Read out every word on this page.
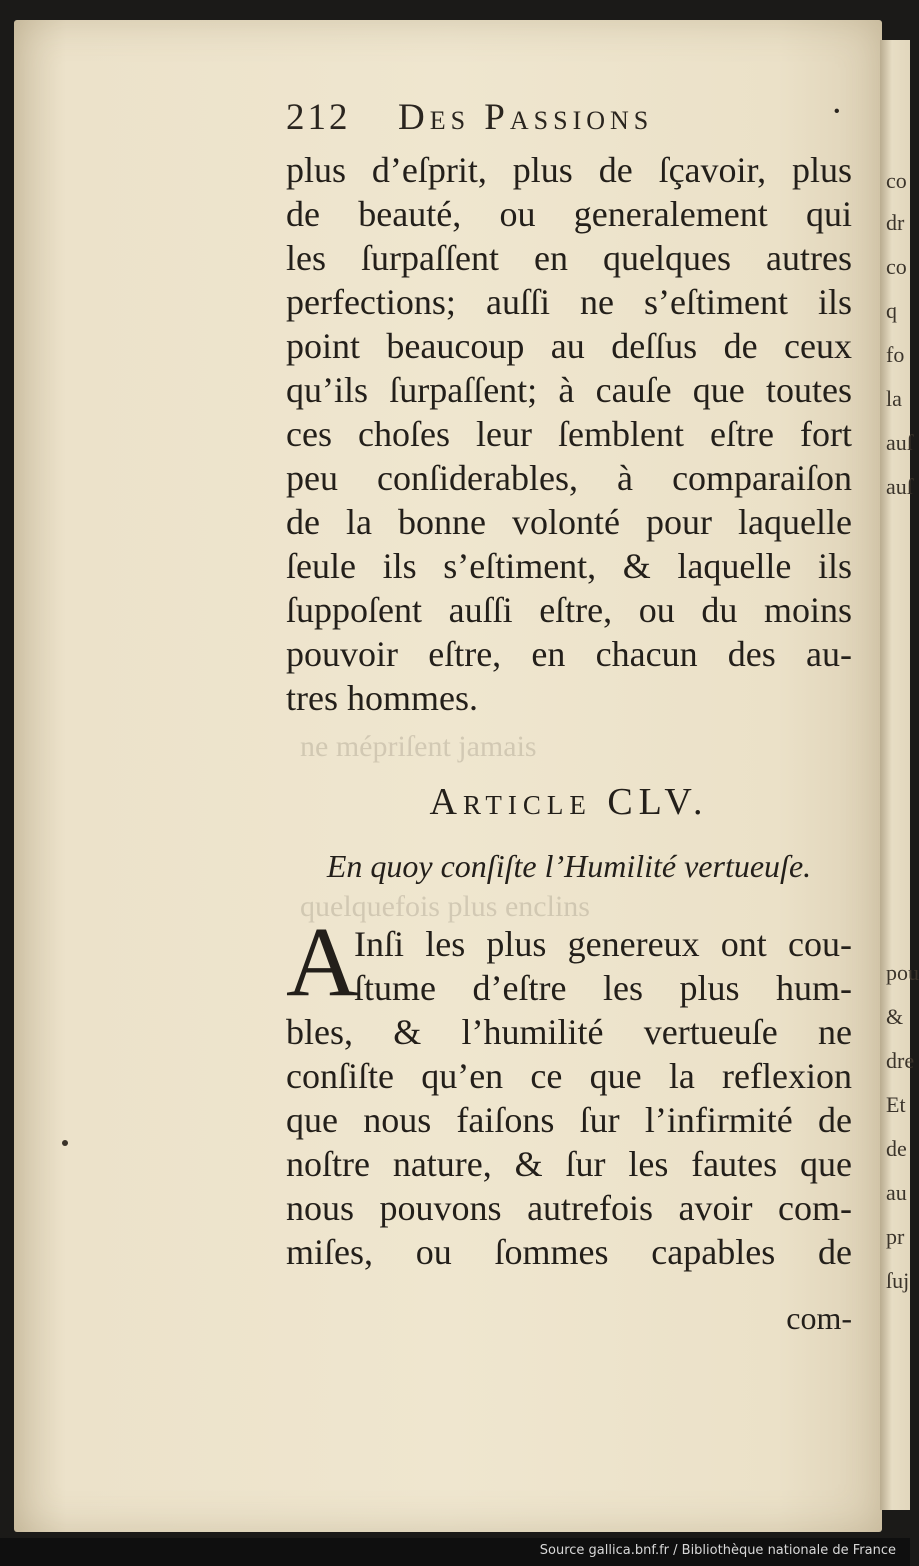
co
dr
co
q
fo
la
auſ
auſ
pou
&
dre
Et
de
au
pr
ſuj
ne mépriſent jamais
quelquefois plus enclins
212 Des Passions	·
plus d’eſprit, plus de ſçavoir, plus
de beauté, ou generalement qui
les ſurpaſſent en quelques autres
perfections; auſſi ne s’eſtiment ils
point beaucoup au deſſus de ceux
qu’ils ſurpaſſent; à cauſe que toutes
ces choſes leur ſemblent eſtre fort
peu conſiderables, à comparaiſon
de la bonne volonté pour laquelle
ſeule ils s’eſtiment, & laquelle ils
ſuppoſent auſſi eſtre, ou du moins
pouvoir eſtre, en chacun des au-
tres hommes.
Article CLV.
En quoy conſiſte l’Humilité vertueuſe.
A
Inſi les plus genereux ont cou-
ſtume d’eſtre les plus hum-
bles, & l’humilité vertueuſe ne
conſiſte qu’en ce que la reflexion
que nous faiſons ſur l’infirmité de
noſtre nature, & ſur les fautes que
nous pouvons autrefois avoir com-
miſes, ou ſommes capables de
com-
Source gallica.bnf.fr / Bibliothèque nationale de France
